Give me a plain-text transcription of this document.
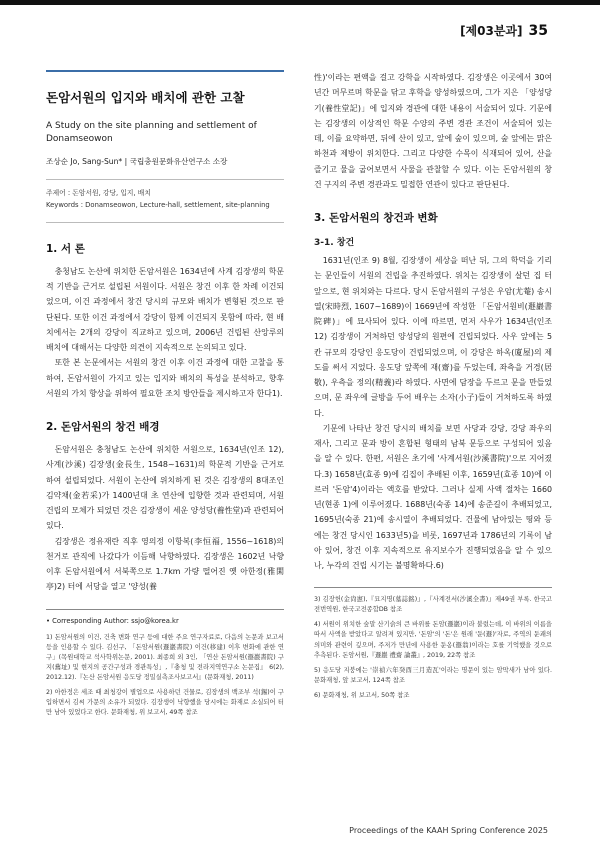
[제03분과] 35
돈암서원의 입지와 배치에 관한 고찰
A Study on the site planning and settlement of Donamseowon
조상순 Jo, Sang-Sun* | 국립충원문화유산연구소 소장
주제어 : 돈암서원, 강당, 입지, 배치
Keywords : Donamseowon, Lecture-hall, settlement, site-planning
1. 서 론

충청남도 논산에 위치한 돈암서원은 1634년에 사계 김장생의 학문적 기반을 근거로 설립된 서원이다. 서원은 창건 이후 한 차례 이건되었으며, 이건 과정에서 창건 당시의 규모와 배치가 변형된 것으로 판단된다. 또한 이건 과정에서 강당이 함께 이건되지 못함에 따라, 현 배치에서는 2개의 강당이 직교하고 있으며, 2006년 건립된 산앙루의 배치에 대해서는 다양한 의견이 지속적으로 논의되고 있다.

또한 본 논문에서는 서원의 창건 이후 이건 과정에 대한 고찰을 통하여, 돈암서원이 가지고 있는 입지와 배치의 특성을 분석하고, 향후 서원의 가치 향상을 위하여 필요한 조치 방안들을 제시하고자 한다1).

2. 돈암서원의 창건 배경

돈암서원은 충청남도 논산에 위치한 서원으로, 1634년(인조 12), 사계(沙溪) 김장생(金長生, 1548~1631)의 학문적 기반을 근거로 하여 설립되었다. 서원이 논산에 위치하게 된 것은 김장생의 8대조인 김약채(金若采)가 1400년대 초 연산에 입향한 것과 관련되며, 서원 건립의 모체가 되었던 것은 김장생이 세운 양성당(養性堂)과 관련되어 있다.

김장생은 정유재란 직후 영의정 이항복(李恒福, 1556~1618)의 천거로 관직에 나갔다가 이듬해 낙향하였다. 김장생은 1602년 낙향 이후 돈암서원에서 서북쪽으로 1.7km 가량 떨어진 옛 아한정(雅閑亭)2) 터에 서당을 열고 '양성(養

• Corresponding Author: ssjo@korea.kr

1) 돈암서원의 이건, 건축 변화 연구 등에 대한 주요 연구자료로, 다음의 논문과 보고서 등을 인용할 수 있다. 김선구, 「돈암서원(遯巖書院) 이건(移建) 이후 변화에 관한 연구」(목원대학교 석사학위논문, 2001). 최종희 외 3인, 「연산 돈암서원(遯巖書院) 구지(舊址) 및 현지의 공간구성과 경관특성」,『충청 및 전라지역연구소 논문집』 6(2), 2012.12).『논산 돈암서원 응도당 정밀실측조사보고서』(문화재청, 2011)

2) 아한정은 세조 때 최청강이 별업으로 사용하던 건물로, 김장생의 백조부 석(錫)이 구입하면서 김씨 가문의 소유가 되었다. 김장생이 낙향했을 당시에는 화재로 소실되어 터만 남아 있었다고 한다. 문화재청, 위 보고서, 49쪽 참조

性)'이라는 편액을 걸고 강학을 시작하였다. 김장생은 이곳에서 30여 년간 머무르며 학문을 닦고 후학을 양성하였으며, 그가 지은 「양성당기(養性堂記)」에 입지와 경관에 대한 내용이 서술되어 있다. 기문에는 김장생의 이상적인 학문 수양의 주변 경관 조건이 서술되어 있는데, 이를 요약하면, 뒤에 산이 있고, 앞에 숲이 있으며, 숲 앞에는 맑은 하천과 제방이 위치한다. 그리고 다양한 수목이 식재되어 있어, 산을 즐기고 물을 굽어보면서 사물을 관찰할 수 있다. 이는 돈암서원의 창건 구지의 주변 경관과도 밀접한 연관이 있다고 판단된다.

3. 돈암서원의 창건과 변화
3-1. 창건

1631년(인조 9) 8월, 김장생이 세상을 떠난 뒤, 그의 학덕을 기리는 문인들이 서원의 건립을 추진하였다. 위치는 김장생이 살던 집 터 앞으로, 현 위치와는 다르다. 당시 돈암서원의 구성은 우암(尤菴) 송시열(宋時烈, 1607~1689)이 1669년에 작성한 「돈암서원비(遯巖書院碑)」에 묘사되어 있다. 이에 따르면, 먼저 사우가 1634년(인조 12) 김장생이 거처하던 양성당의 원편에 건립되었다. 사우 앞에는 5칸 규모의 강당인 응도당이 건립되었으며, 이 강당은 하옥(廈屋)의 제도를 써서 지었다. 응도당 앞쪽에 재(齋)를 두었는데, 좌측을 거경(居敬), 우측을 정의(精義)라 하였다. 사면에 담장을 두르고 문을 만들었으며, 문 좌우에 글방을 두어 배우는 소자(小子)들이 거처하도록 하였다.

기문에 나타난 창건 당시의 배치를 보면 사당과 강당, 강당 좌우의 재사, 그리고 문과 방이 혼합된 형태의 남북 문등으로 구성되어 있음을 알 수 있다. 한편, 서원은 초기에 '사계서원(沙溪書院)'으로 지어졌다.3) 1658년(효종 9)에 김집이 추배된 이후, 1659년(효종 10)에 이르러 '돈암'4)이라는 액호를 받았다. 그러나 실제 사액 절차는 1660년(현종 1)에 이루어졌다. 1688년(숙종 14)에 송준길이 추배되었고, 1695년(숙종 21)에 송시열이 추배되었다. 건물에 남아있는 띵와 등에는 창건 당시인 1633년5)을 비롯, 1697년과 1786년의 기록이 남아 있어, 창건 이후 지속적으로 유지보수가 진행되었음을 알 수 있으나, 누각의 건립 시기는 불명확하다.6)

3) 김장헌(金尙憲),『묘지명(墓誌銘)』,『사계전서(沙溪全書)』제49권 부록. 한국고전번역원, 한국고전종합DB 참조

4) 서원이 위치한 숲말 산기슭의 큰 바위를 돈암(遯巖)이라 불렀는데, 이 바위의 이름을 따서 사액을 받았다고 알려져 있지만, '돈암'의 '돈'은 원래 '둔(遯)'자로, 주역의 둔괘의 의미와 관련이 깊으며, 주저가 만년에 사용한 둔옹(遯翁)이라는 호를 기억했을 것으로 추측된다. 돈암서원,『遯巖 禮齋 論叢』, 2019, 22쪽 참조

5) 응도당 지붕에는 '崇禎六年癸酉三月造瓦'이라는 명문이 있는 암막새가 남아 있다. 문화재청, 앞 보고서, 124쪽 참조

6) 문화재청, 위 보고서, 50쪽 참조

Proceedings of the KAAH Spring Conference 2025
